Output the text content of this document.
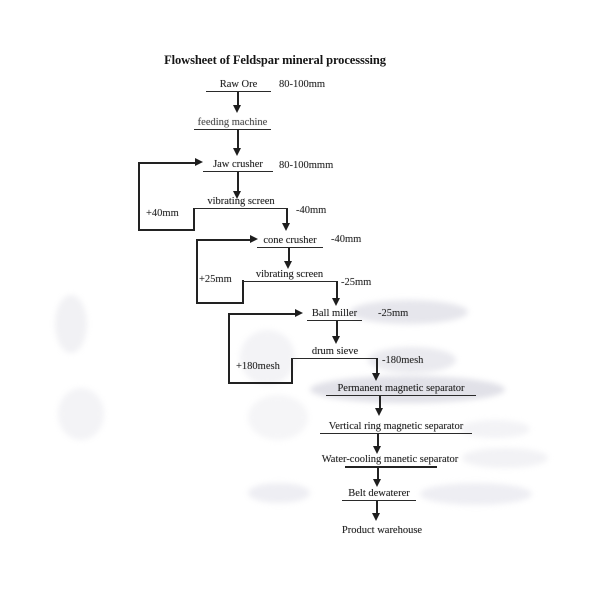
Flowsheet of Feldspar mineral processsing
Raw Ore	80-100mm
feeding machine
Jaw crusher	80-100mmm
+40mm
vibrating screen
-40mm
cone crusher	-40mm
+25mm	vibrating screen
-25mm
Ball miller	-25mm
+180mesh
drum sieve
-180mesh
Permanent magnetic separator
Vertical ring magnetic separator
Water-cooling manetic separator
Belt dewaterer
Product warehouse
